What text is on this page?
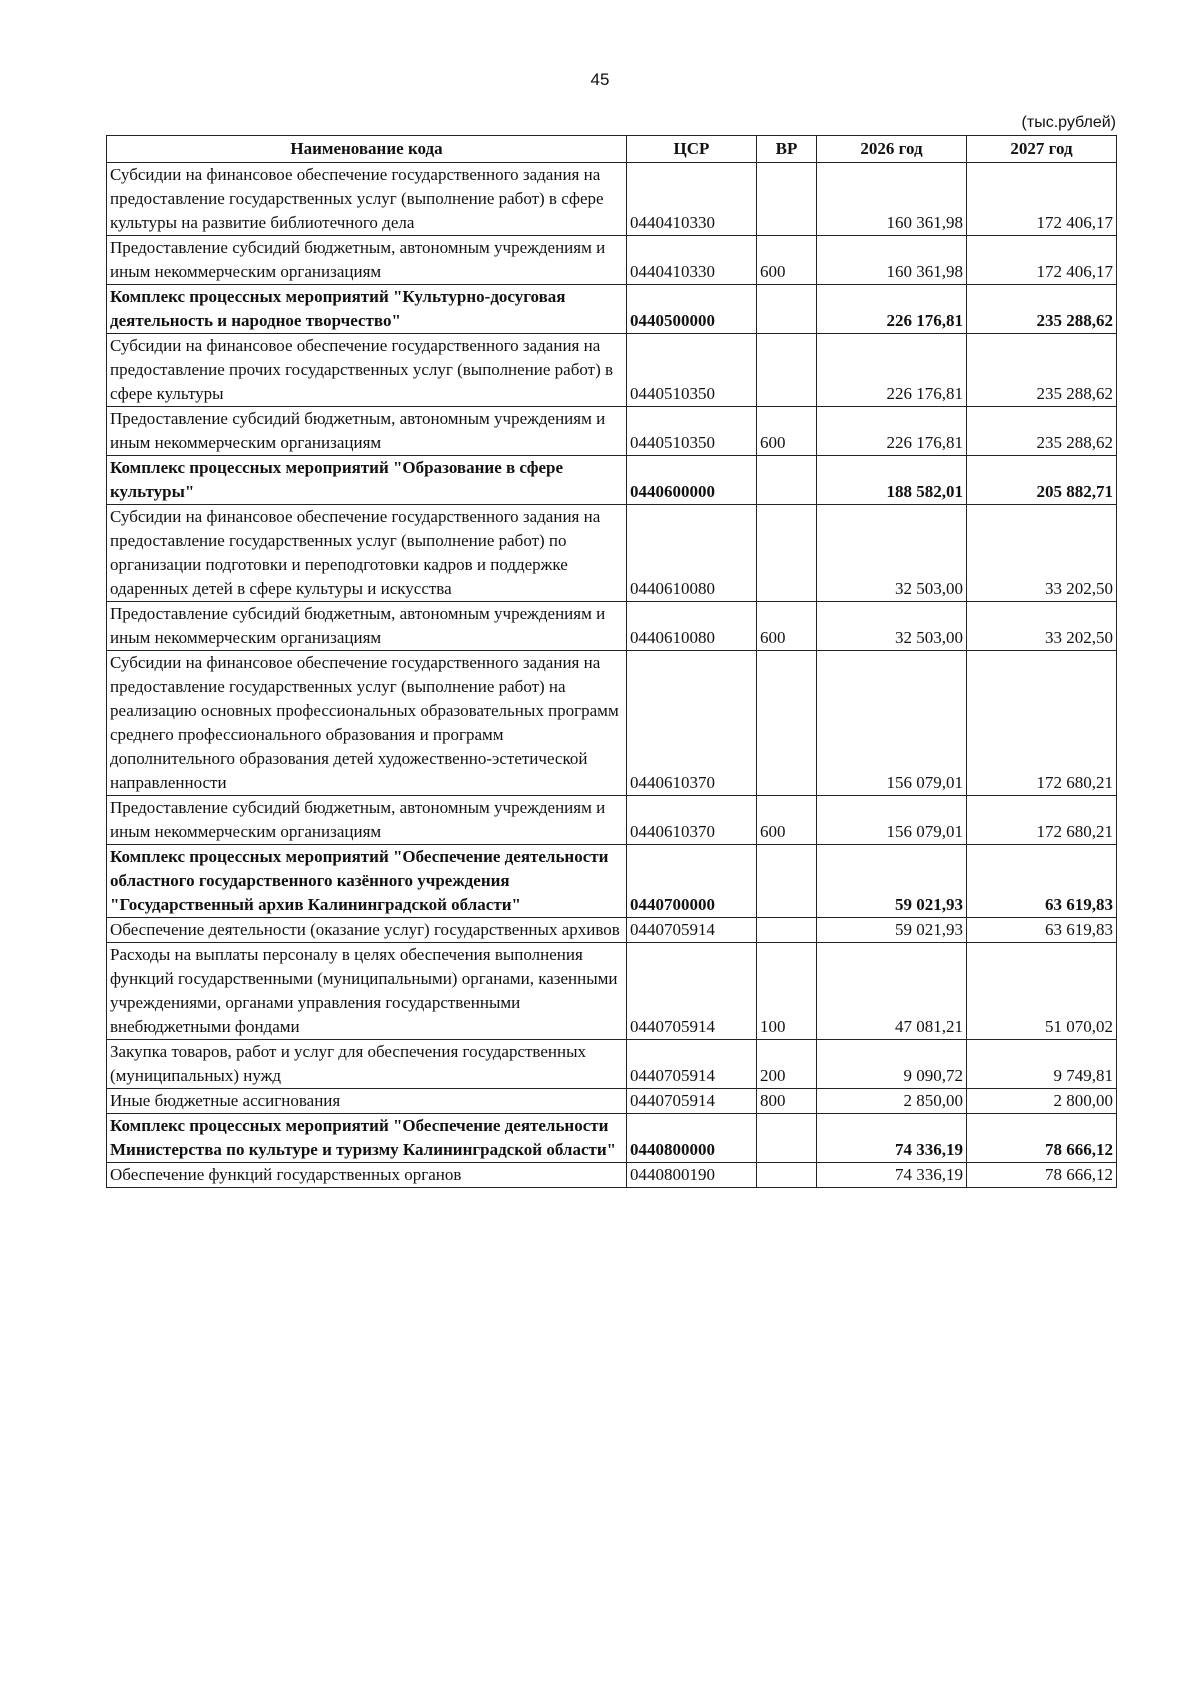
45
(тыс.рублей)
Наименование кода	ЦСР	ВР	2026 год	2027 год
Субсидии на финансовое обеспечение государственного задания на предоставление государственных услуг (выполнение работ) в сфере культуры на развитие библиотечного дела	0440410330		160 361,98	172 406,17
Предоставление субсидий бюджетным, автономным учреждениям и иным некоммерческим организациям	0440410330	600	160 361,98	172 406,17
Комплекс процессных мероприятий "Культурно-досуговая деятельность и народное творчество"	0440500000		226 176,81	235 288,62
Субсидии на финансовое обеспечение государственного задания на предоставление прочих государственных услуг (выполнение работ) в сфере культуры	0440510350		226 176,81	235 288,62
Предоставление субсидий бюджетным, автономным учреждениям и иным некоммерческим организациям	0440510350	600	226 176,81	235 288,62
Комплекс процессных мероприятий "Образование в сфере культуры"	0440600000		188 582,01	205 882,71
Субсидии на финансовое обеспечение государственного задания на предоставление государственных услуг (выполнение работ) по организации подготовки и переподготовки кадров и поддержке одаренных детей в сфере культуры и искусства	0440610080		32 503,00	33 202,50
Предоставление субсидий бюджетным, автономным учреждениям и иным некоммерческим организациям	0440610080	600	32 503,00	33 202,50
Субсидии на финансовое обеспечение государственного задания на предоставление государственных услуг (выполнение работ) на реализацию основных профессиональных образовательных программ среднего профессионального образования и программ дополнительного образования детей художественно-эстетической направленности	0440610370		156 079,01	172 680,21
Предоставление субсидий бюджетным, автономным учреждениям и иным некоммерческим организациям	0440610370	600	156 079,01	172 680,21
Комплекс процессных мероприятий "Обеспечение деятельности областного государственного казённого учреждения "Государственный архив Калининградской области"	0440700000		59 021,93	63 619,83
Обеспечение деятельности (оказание услуг) государственных архивов	0440705914		59 021,93	63 619,83
Расходы на выплаты персоналу в целях обеспечения выполнения функций государственными (муниципальными) органами, казенными учреждениями, органами управления государственными внебюджетными фондами	0440705914	100	47 081,21	51 070,02
Закупка товаров, работ и услуг для обеспечения государственных (муниципальных) нужд	0440705914	200	9 090,72	9 749,81
Иные бюджетные ассигнования	0440705914	800	2 850,00	2 800,00
Комплекс процессных мероприятий "Обеспечение деятельности Министерства по культуре и туризму Калининградской области"	0440800000		74 336,19	78 666,12
Обеспечение функций государственных органов	0440800190		74 336,19	78 666,12
